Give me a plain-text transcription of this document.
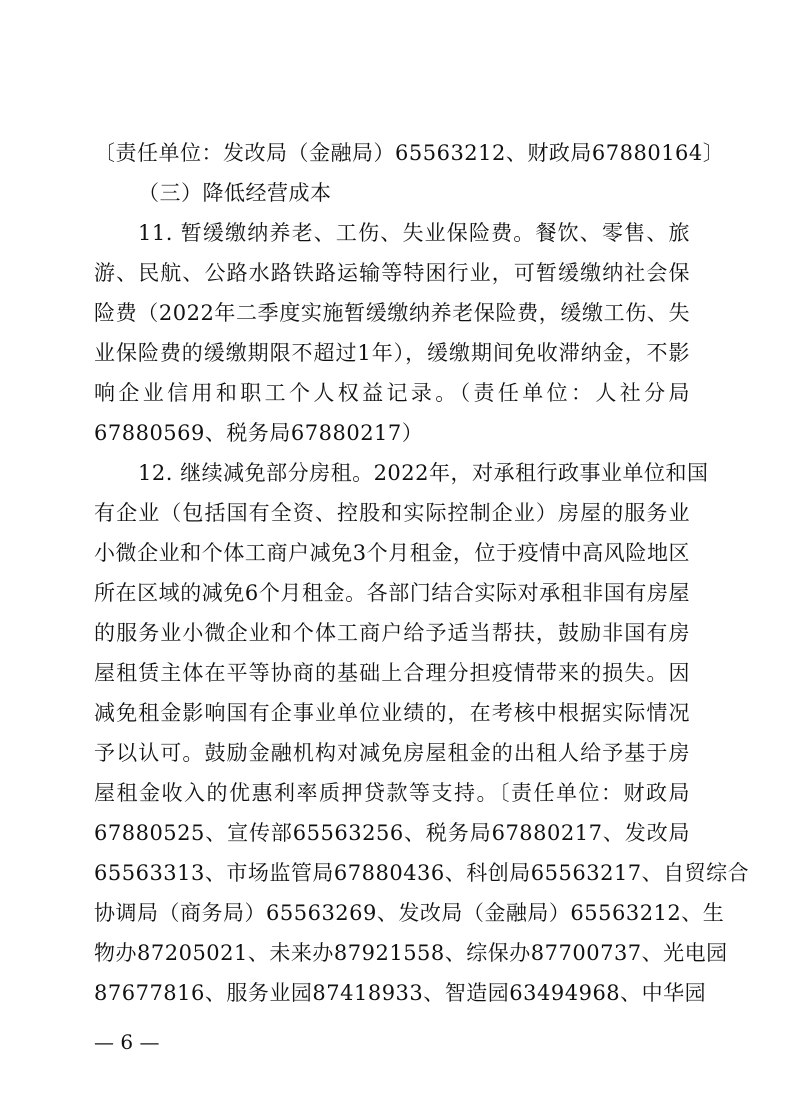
〔责任单位：发改局（金融局）65563212、财政局67880164〕
（三）降低经营成本
11. 暂缓缴纳养老、工伤、失业保险费。餐饮、零售、旅
游、民航、公路水路铁路运输等特困行业，可暂缓缴纳社会保
险费（2022年二季度实施暂缓缴纳养老保险费，缓缴工伤、失
业保险费的缓缴期限不超过1年），缓缴期间免收滞纳金，不影
响企业信用和职工个人权益记录。（责任单位：人社分局
67880569、税务局67880217）
12. 继续减免部分房租。2022年，对承租行政事业单位和国
有企业（包括国有全资、控股和实际控制企业）房屋的服务业
小微企业和个体工商户减免3个月租金，位于疫情中高风险地区
所在区域的减免6个月租金。各部门结合实际对承租非国有房屋
的服务业小微企业和个体工商户给予适当帮扶，鼓励非国有房
屋租赁主体在平等协商的基础上合理分担疫情带来的损失。因
减免租金影响国有企事业单位业绩的，在考核中根据实际情况
予以认可。鼓励金融机构对减免房屋租金的出租人给予基于房
屋租金收入的优惠利率质押贷款等支持。〔责任单位：财政局
67880525、宣传部65563256、税务局67880217、发改局
65563313、市场监管局67880436、科创局65563217、自贸综合
协调局（商务局）65563269、发改局（金融局）65563212、生
物办87205021、未来办87921558、综保办87700737、光电园
87677816、服务业园87418933、智造园63494968、中华园
— 6 —
